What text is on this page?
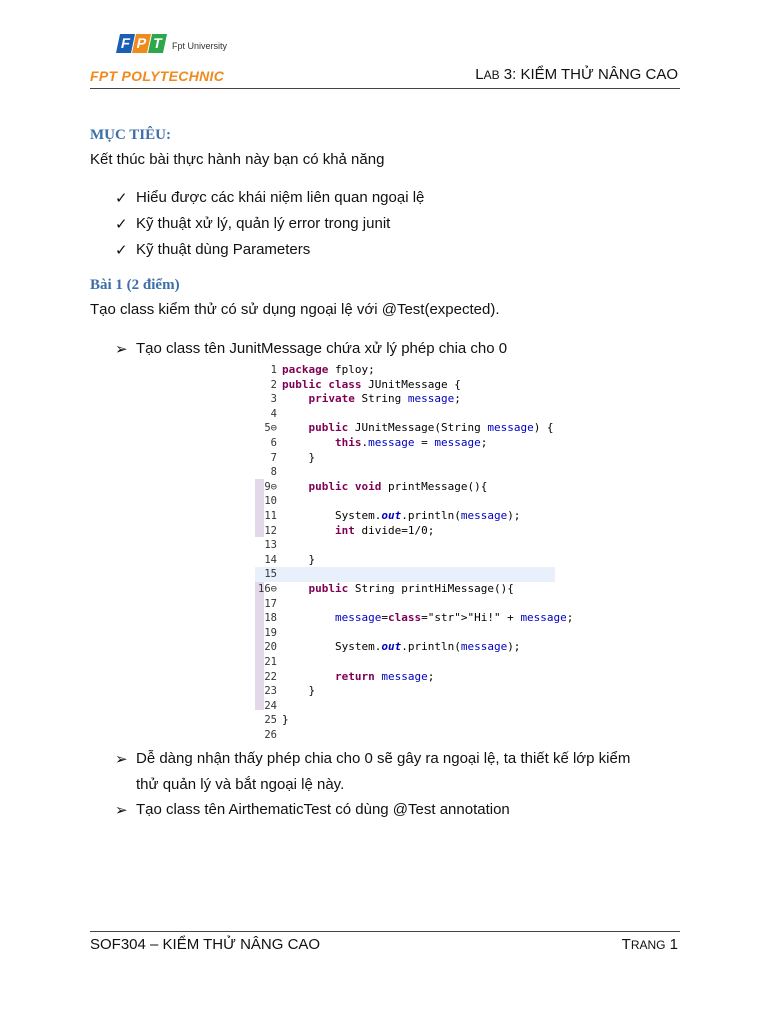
F P T Fpt University
FPT POLYTECHNIC	LAB 3: KIỂM THỬ NÂNG CAO
MỤC TIÊU:
Kết thúc bài thực hành này bạn có khả năng
✓ Hiểu được các khái niệm liên quan ngoại lệ
✓ Kỹ thuật xử lý, quản lý error trong junit
✓ Kỹ thuật dùng Parameters
Bài 1 (2 điểm)
Tạo class kiểm thử có sử dụng ngoại lệ với @Test(expected).
➢ Tạo class tên JunitMessage chứa xử lý phép chia cho 0
1 package fploy;
2 public class JUnitMessage {
3	private String message;
4
5⊖	public JUnitMessage(String message) {
6	this.message = message;
7 }
8
9⊖	public void printMessage(){
10
11 System.out.println(message);
12	int divide=1/0;
13
14 }
15
16⊖	public String printHiMessage(){
17
18	message=class="str">"Hi!" + message;
19
20 System.out.println(message);
21
22	return message;
23 }
24
25 }
26
➢ Dễ dàng nhận thấy phép chia cho 0 sẽ gây ra ngoại lệ, ta thiết kế lớp kiểm
thử quản lý và bắt ngoại lệ này.
➢ Tạo class tên AirthematicTest có dùng @Test annotation
SOF304 – KIỂM THỬ NÂNG CAO	TRANG 1
